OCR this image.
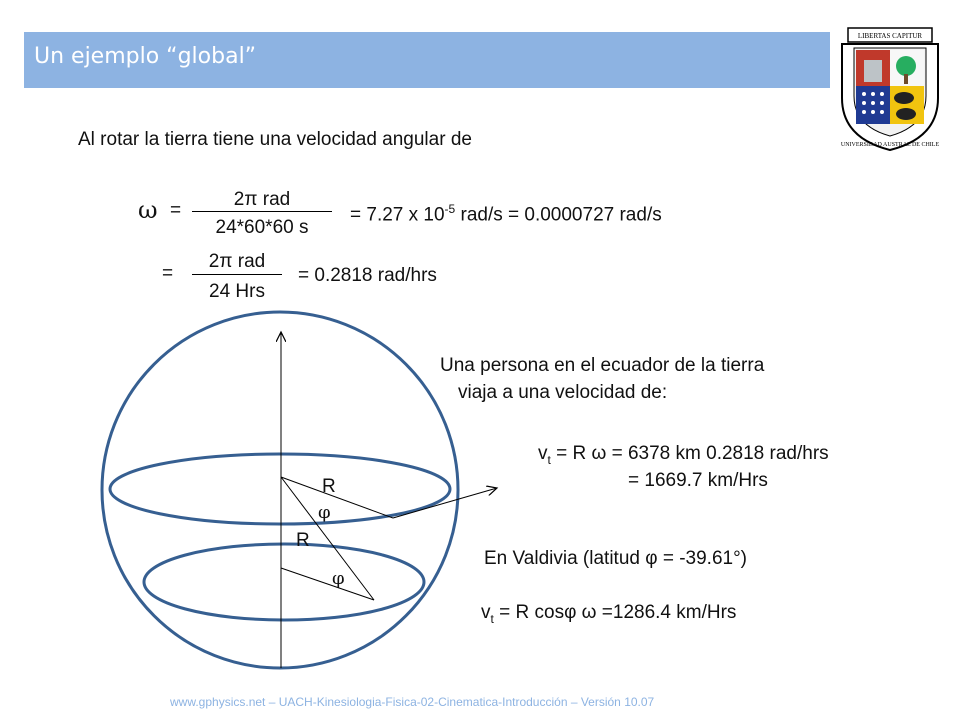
Un ejemplo “global”
LIBERTAS CAPITUR
UNIVERSIDAD AUSTRAL DE CHILE
Al rotar la tierra tiene una velocidad angular de
ω =
2π rad
24*60*60 s
= 7.27 x $10^{-5}$ rad/s = 0.0000727 rad/s
=
2π rad
24 Hrs
= 0.2818 rad/hrs
R
φ
R
φ
Una persona en el ecuador de la tierra
viaja a una velocidad de:
$v_t = R$ ω = 6378 km 0.2818 rad/hrs
= 1669.7 km/Hrs
En Valdivia (latitud φ = -39.61°)
$v_t = R$ cosφ ω =1286.4 km/Hrs
www.gphysics.net – UACH-Kinesiologia-Fisica-02-Cinematica-Introducción – Versión 10.07
